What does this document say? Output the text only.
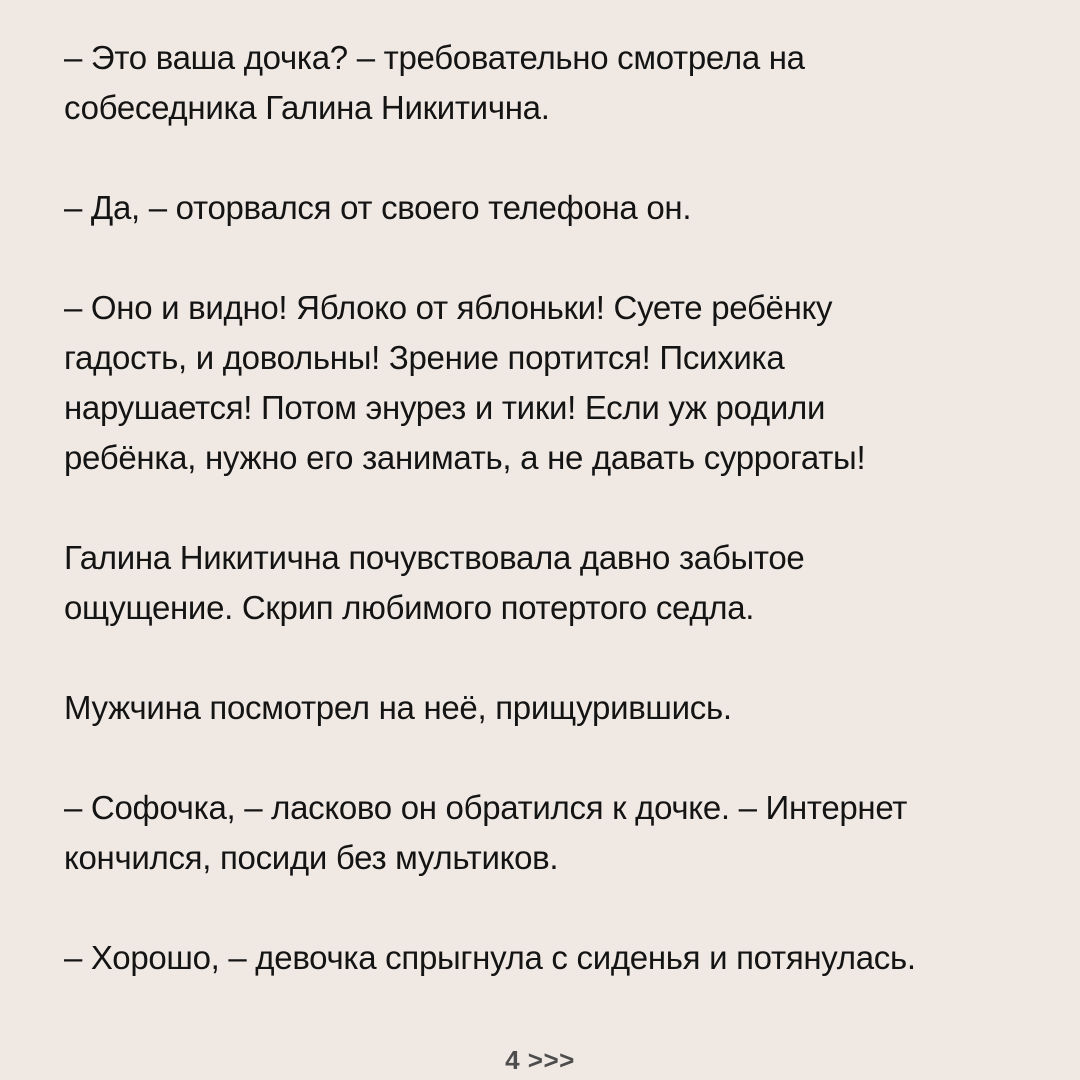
– Это ваша дочка? – требовательно смотрела на
собеседника Галина Никитична.

– Да, – оторвался от своего телефона он.

– Оно и видно! Яблоко от яблоньки! Суете ребёнку
гадость, и довольны! Зрение портится! Психика
нарушается! Потом энурез и тики! Если уж родили
ребёнка, нужно его занимать, а не давать суррогаты!

Галина Никитична почувствовала давно забытое
ощущение. Скрип любимого потертого седла.

Мужчина посмотрел на неё, прищурившись.

– Софочка, – ласково он обратился к дочке. – Интернет
кончился, посиди без мультиков.

– Хорошо, – девочка спрыгнула с сиденья и потянулась.

4 >>>
